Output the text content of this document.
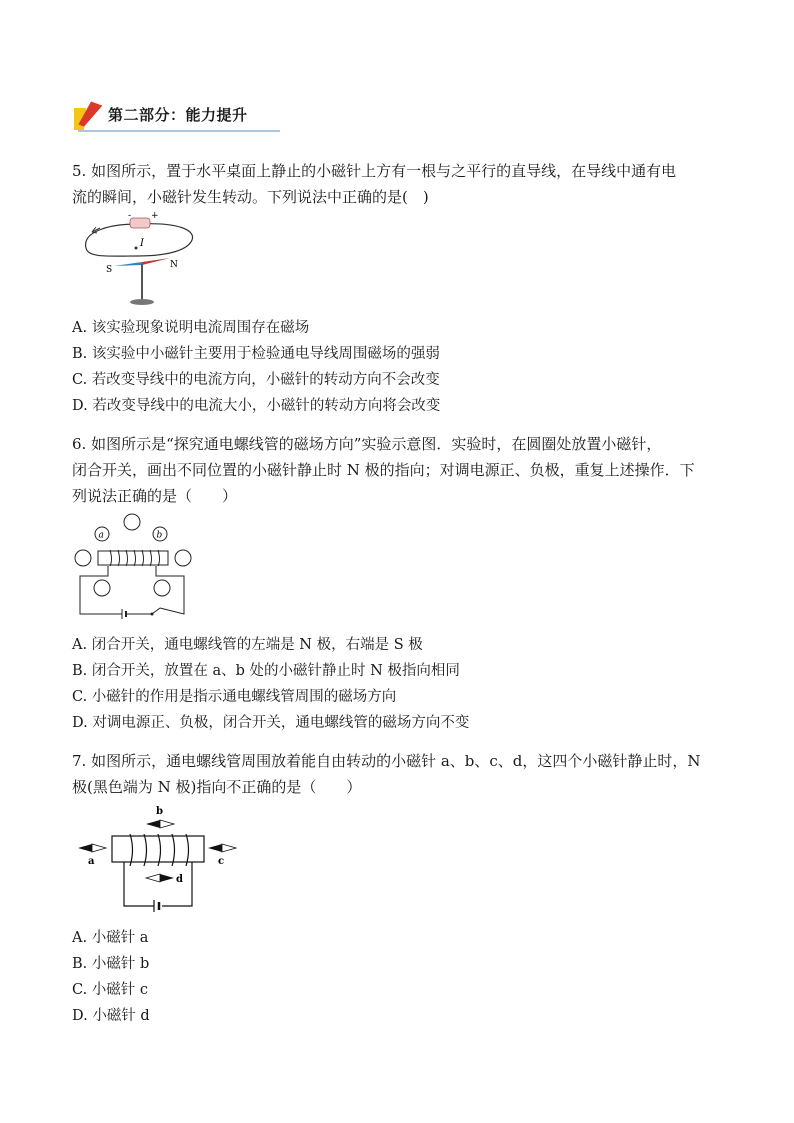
第二部分：能力提升
5. 如图所示，置于水平桌面上静止的小磁针上方有一根与之平行的直导线，在导线中通有电
流的瞬间，小磁针发生转动。下列说法中正确的是(　)
- +
I
S	N
A. 该实验现象说明电流周围存在磁场
B. 该实验中小磁针主要用于检验通电导线周围磁场的强弱
C. 若改变导线中的电流方向，小磁针的转动方向不会改变
D. 若改变导线中的电流大小，小磁针的转动方向将会改变
6. 如图所示是“探究通电螺线管的磁场方向”实验示意图．实验时，在圆圈处放置小磁针，
闭合开关，画出不同位置的小磁针静止时 N 极的指向；对调电源正、负极，重复上述操作．下
列说法正确的是（　　）
a	b
A. 闭合开关，通电螺线管的左端是 N 极，右端是 S 极
B. 闭合开关，放置在 a、b 处的小磁针静止时 N 极指向相同
C. 小磁针的作用是指示通电螺线管周围的磁场方向
D. 对调电源正、负极，闭合开关，通电螺线管的磁场方向不变
7. 如图所示，通电螺线管周围放着能自由转动的小磁针 a、b、c、d，这四个小磁针静止时，N
极(黑色端为 N 极)指向不正确的是（　　）
b
a	c
d
A. 小磁针 a
B. 小磁针 b
C. 小磁针 c
D. 小磁针 d
